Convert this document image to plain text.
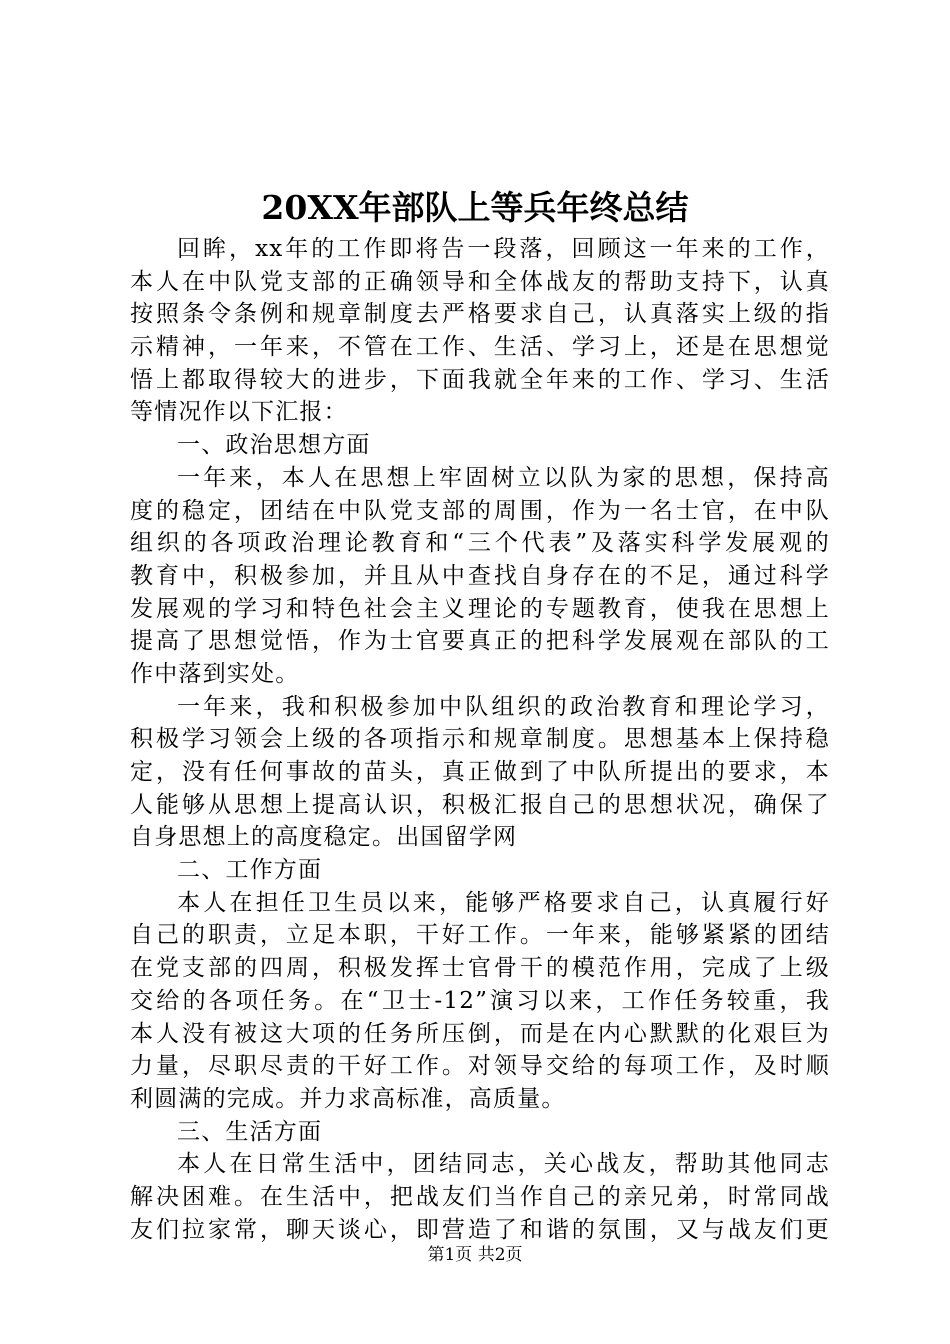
20XX年部队上等兵年终总结
回眸，xx年的工作即将告一段落，回顾这一年来的工作，
本人在中队党支部的正确领导和全体战友的帮助支持下，认真
按照条令条例和规章制度去严格要求自己，认真落实上级的指
示精神，一年来，不管在工作、生活、学习上，还是在思想觉
悟上都取得较大的进步，下面我就全年来的工作、学习、生活
等情况作以下汇报：
一、政治思想方面
一年来，本人在思想上牢固树立以队为家的思想，保持高
度的稳定，团结在中队党支部的周围，作为一名士官，在中队
组织的各项政治理论教育和“三个代表”及落实科学发展观的
教育中，积极参加，并且从中查找自身存在的不足，通过科学
发展观的学习和特色社会主义理论的专题教育，使我在思想上
提高了思想觉悟，作为士官要真正的把科学发展观在部队的工
作中落到实处。
一年来，我和积极参加中队组织的政治教育和理论学习，
积极学习领会上级的各项指示和规章制度。思想基本上保持稳
定，没有任何事故的苗头，真正做到了中队所提出的要求，本
人能够从思想上提高认识，积极汇报自己的思想状况，确保了
自身思想上的高度稳定。出国留学网
二、工作方面
本人在担任卫生员以来，能够严格要求自己，认真履行好
自己的职责，立足本职，干好工作。一年来，能够紧紧的团结
在党支部的四周，积极发挥士官骨干的模范作用，完成了上级
交给的各项任务。在“卫士-12”演习以来，工作任务较重，我
本人没有被这大项的任务所压倒，而是在内心默默的化艰巨为
力量，尽职尽责的干好工作。对领导交给的每项工作，及时顺
利圆满的完成。并力求高标准，高质量。
三、生活方面
本人在日常生活中，团结同志，关心战友，帮助其他同志
解决困难。在生活中，把战友们当作自己的亲兄弟，时常同战
友们拉家常，聊天谈心，即营造了和谐的氛围，又与战友们更
第1页 共2页
